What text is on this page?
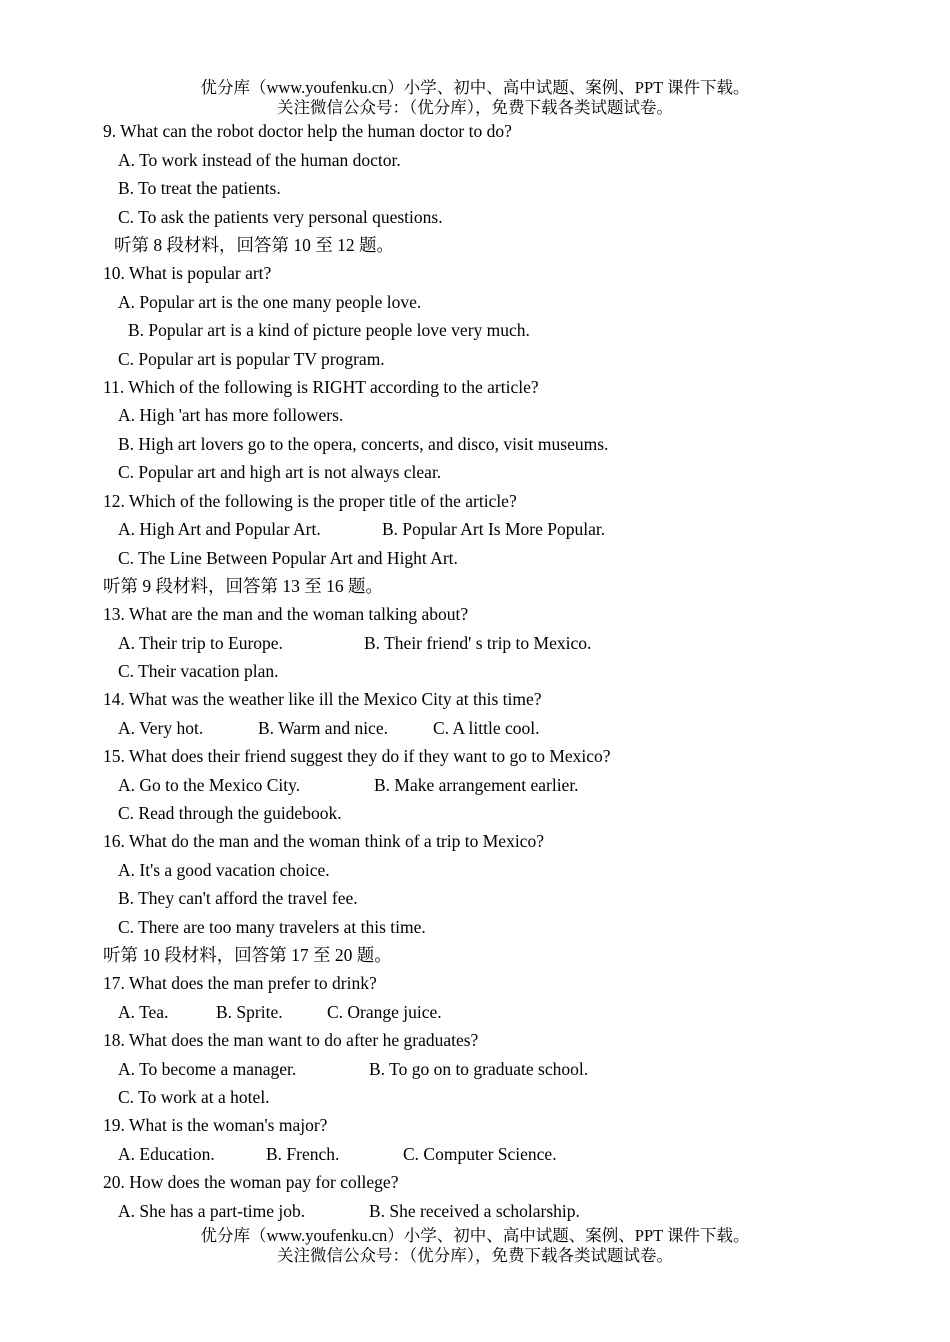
优分库（www.youfenku.cn）小学、初中、高中试题、案例、PPT 课件下载。
关注微信公众号：（优分库），免费下载各类试题试卷。
9. What can the robot doctor help the human doctor to do?
A. To work instead of the human doctor.
B. To treat the patients.
C. To ask the patients very personal questions.
听第 8 段材料，回答第 10 至 12 题。
10. What is popular art?
A. Popular art is the one many people love.
B. Popular art is a kind of picture people love very much.
C. Popular art is popular TV program.
11. Which of the following is RIGHT according to the article?
A. High 'art has more followers.
B. High art lovers go to the opera, concerts, and disco, visit museums.
C. Popular art and high art is not always clear.
12. Which of the following is the proper title of the article?
A. High Art and Popular Art.	B. Popular Art Is More Popular.
C. The Line Between Popular Art and Hight Art.
听第 9 段材料，回答第 13 至 16 题。
13. What are the man and the woman talking about?
A. Their trip to Europe.	B. Their friend' s trip to Mexico.
C. Their vacation plan.
14. What was the weather like ill the Mexico City at this time?
A. Very hot.	B. Warm and nice.	C. A little cool.
15. What does their friend suggest they do if they want to go to Mexico?
A. Go to the Mexico City.	B. Make arrangement earlier.
C. Read through the guidebook.
16. What do the man and the woman think of a trip to Mexico?
A. It's a good vacation choice.
B. They can't afford the travel fee.
C. There are too many travelers at this time.
听第 10 段材料，回答第 17 至 20 题。
17. What does the man prefer to drink?
A. Tea.	B. Sprite.	C. Orange juice.
18. What does the man want to do after he graduates?
A. To become a manager.	B. To go on to graduate school.
C. To work at a hotel.
19. What is the woman's major?
A. Education.	B. French.	C. Computer Science.
20. How does the woman pay for college?
A. She has a part-time job.	B. She received a scholarship.
优分库（www.youfenku.cn）小学、初中、高中试题、案例、PPT 课件下载。
关注微信公众号：（优分库），免费下载各类试题试卷。
